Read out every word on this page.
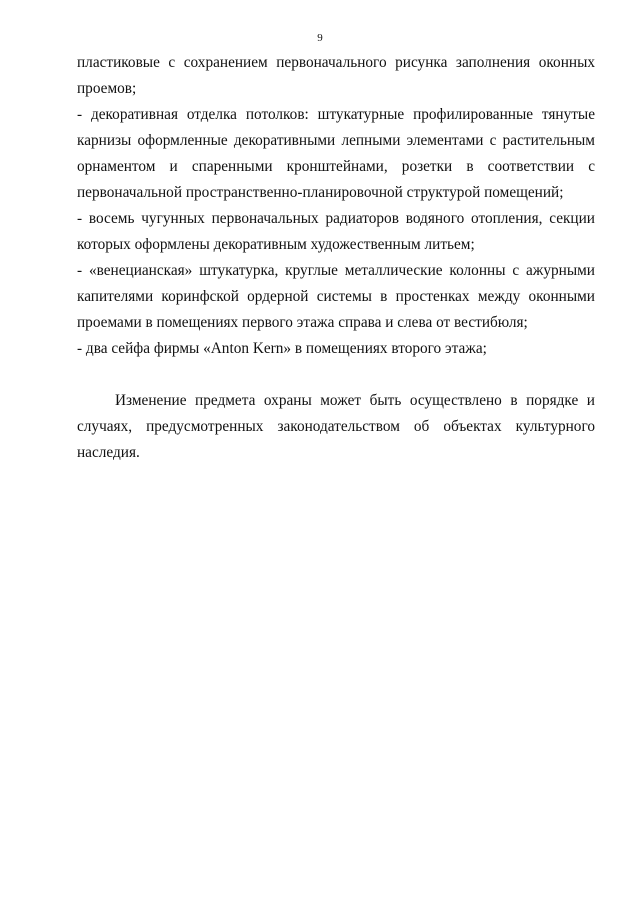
9

пластиковые с сохранением первоначального рисунка заполнения оконных проемов;

- декоративная отделка потолков: штукатурные профилированные тянутые карнизы оформленные декоративными лепными элементами с растительным орнаментом и спаренными кронштейнами, розетки в соответствии с первоначальной пространственно-планировочной структурой помещений;

- восемь чугунных первоначальных радиаторов водяного отопления, секции которых оформлены декоративным художественным литьем;

- «венецианская» штукатурка, круглые металлические колонны с ажурными капителями коринфской ордерной системы в простенках между оконными проемами в помещениях первого этажа справа и слева от вестибюля;

- два сейфа фирмы «Anton Kern» в помещениях второго этажа;

Изменение предмета охраны может быть осуществлено в порядке и случаях, предусмотренных законодательством об объектах культурного наследия.
